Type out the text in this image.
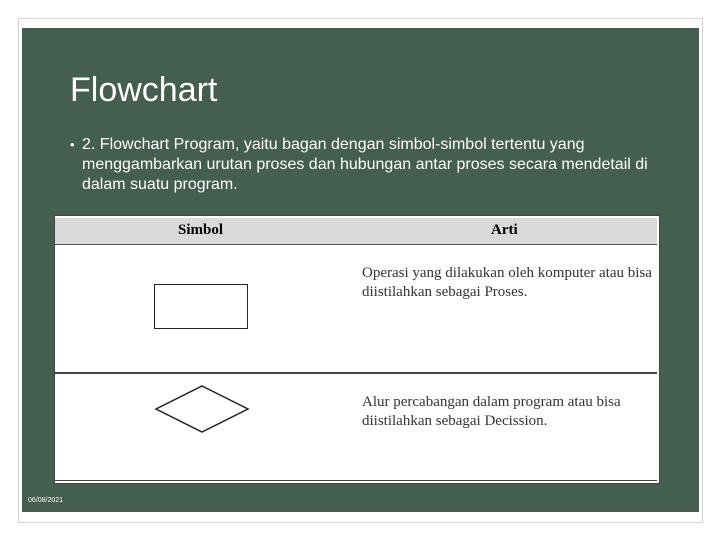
Flowchart
• 2. Flowchart Program, yaitu bagan dengan simbol-simbol tertentu yang menggambarkan urutan proses dan hubungan antar proses secara mendetail di dalam suatu program.
Simbol	Arti
Operasi yang dilakukan oleh komputer atau bisa diistilahkan sebagai Proses.
Alur percabangan dalam program atau bisa diistilahkan sebagai Decission.
06/08/2021
